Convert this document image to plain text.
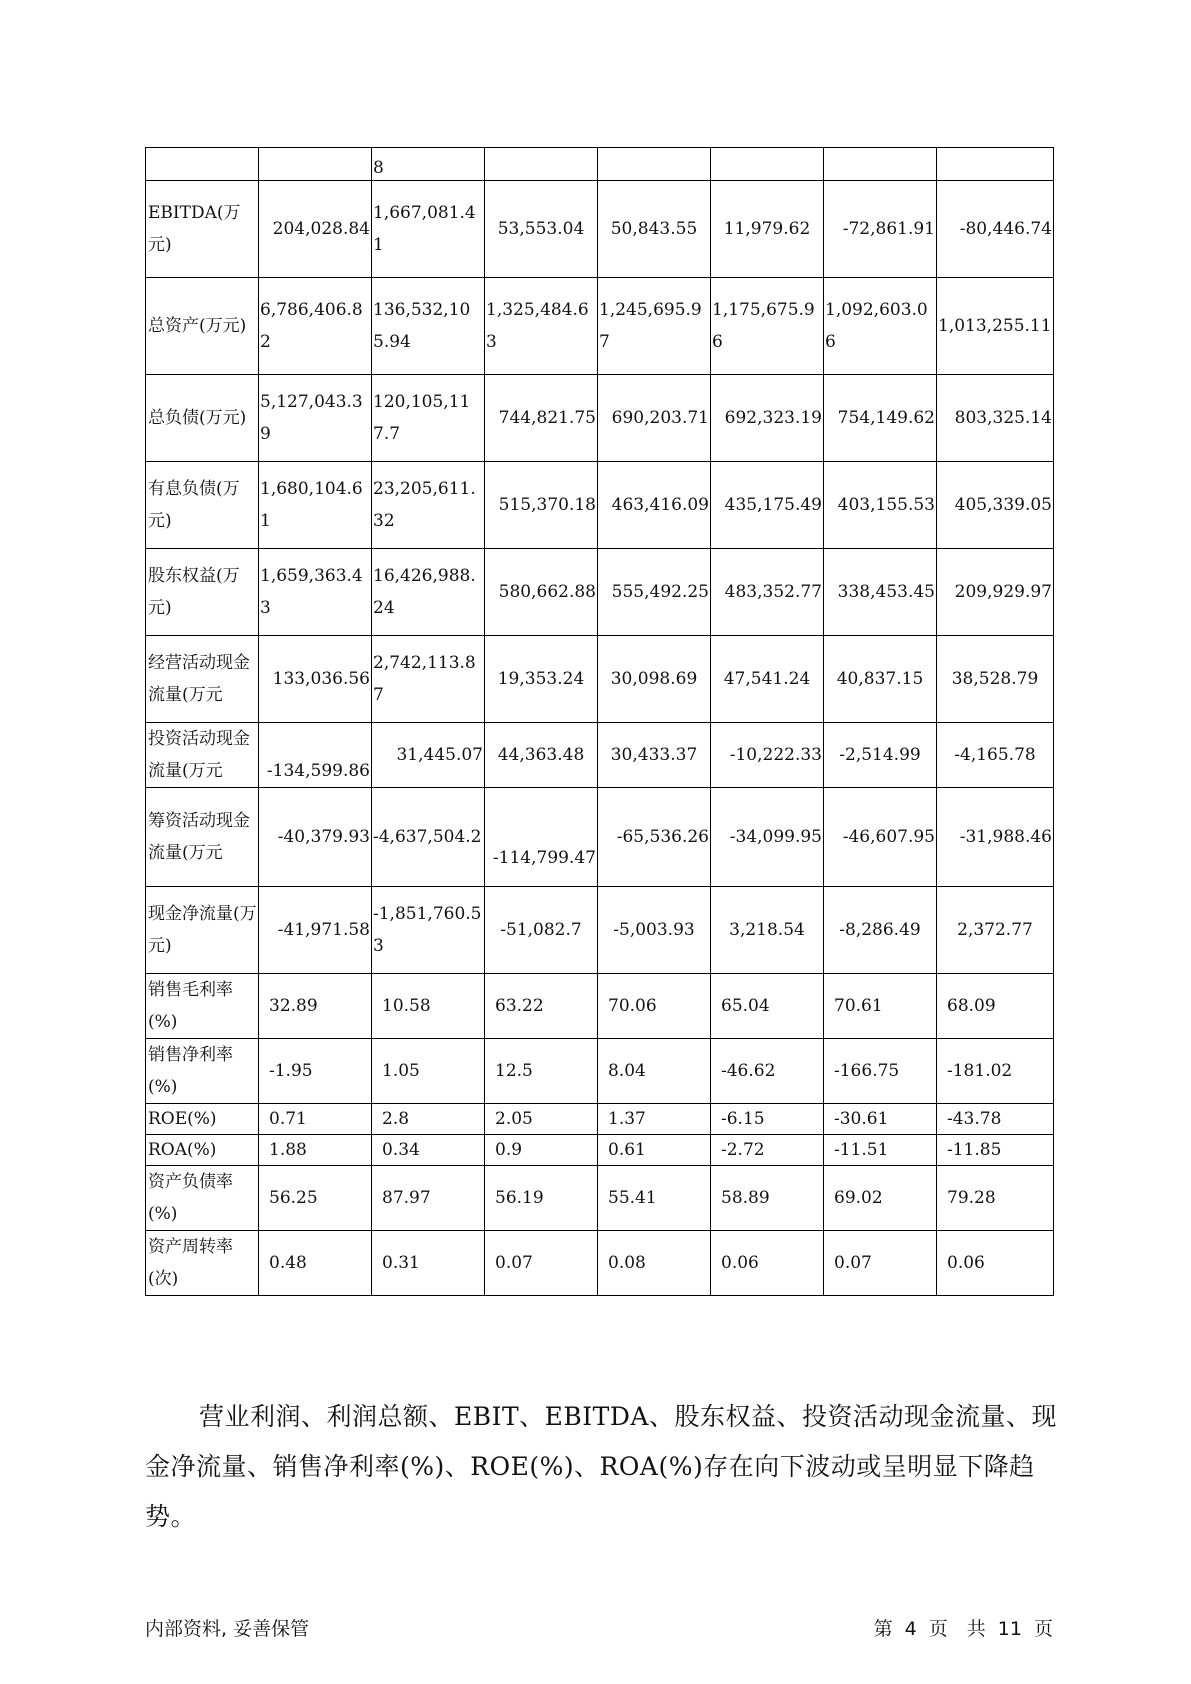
		8					
EBITDA(万元)	204,028.84	1,667,081.41	53,553.04	50,843.55	11,979.62	-72,861.91	-80,446.74
总资产(万元)	6,786,406.82	136,532,105.94	1,325,484.63	1,245,695.97	1,175,675.96	1,092,603.06	1,013,255.11
总负债(万元)	5,127,043.39	120,105,117.7	744,821.75	690,203.71	692,323.19	754,149.62	803,325.14
有息负债(万元)	1,680,104.61	23,205,611.32	515,370.18	463,416.09	435,175.49	403,155.53	405,339.05
股东权益(万元)	1,659,363.43	16,426,988.24	580,662.88	555,492.25	483,352.77	338,453.45	209,929.97
经营活动现金流量(万元	133,036.56	2,742,113.87	19,353.24	30,098.69	47,541.24	40,837.15	38,528.79
投资活动现金流量(万元	-134,599.86	31,445.07	44,363.48	30,433.37	-10,222.33	-2,514.99	-4,165.78
筹资活动现金流量(万元	-40,379.93	-4,637,504.2	-114,799.47	-65,536.26	-34,099.95	-46,607.95	-31,988.46
现金净流量(万元)	-41,971.58	-1,851,760.53	-51,082.7	-5,003.93	3,218.54	-8,286.49	2,372.77
销售毛利率(%)	32.89	10.58	63.22	70.06	65.04	70.61	68.09
销售净利率(%)	-1.95	1.05	12.5	8.04	-46.62	-166.75	-181.02
ROE(%)	0.71	2.8	2.05	1.37	-6.15	-30.61	-43.78
ROA(%)	1.88	0.34	0.9	0.61	-2.72	-11.51	-11.85
资产负债率(%)	56.25	87.97	56.19	55.41	58.89	69.02	79.28
资产周转率(次)	0.48	0.31	0.07	0.08	0.06	0.07	0.06

营业利润、利润总额、EBIT、EBITDA、股东权益、投资活动现金流量、现金净流量、销售净利率(%)、ROE(%)、ROA(%)存在向下波动或呈明显下降趋势。

内部资料, 妥善保管	第 4 页　共 11 页
